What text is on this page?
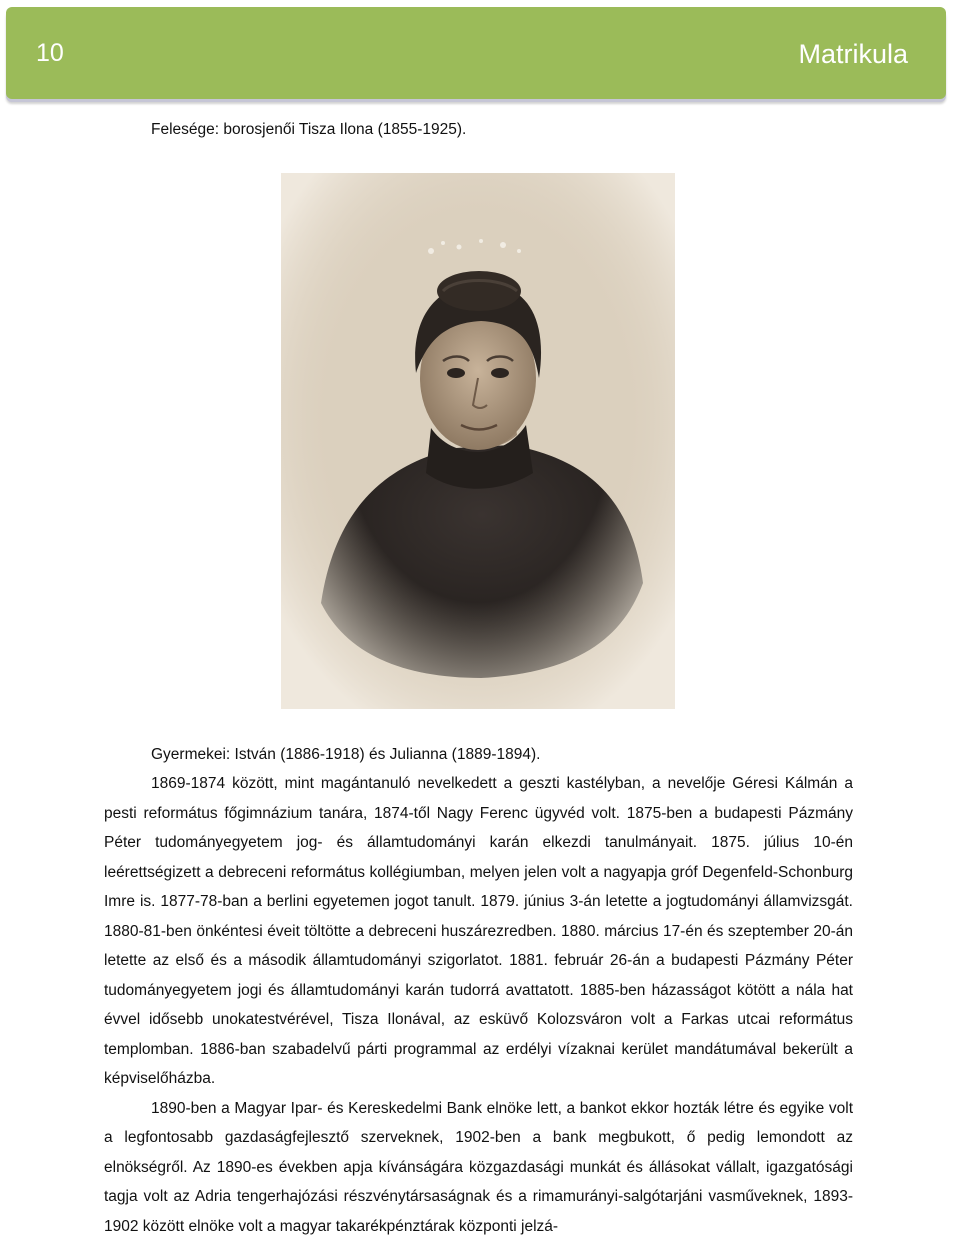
10	Matrikula
Felesége: borosjenői Tisza Ilona (1855-1925).
Gyermekei: István (1886-1918) és Julianna (1889-1894).

1869-1874 között, mint magántanuló nevelkedett a geszti kastélyban, a nevelője Géresi Kálmán a pesti református főgimnázium tanára, 1874-től Nagy Ferenc ügyvéd volt. 1875-ben a budapesti Pázmány Péter tudományegyetem jog- és államtudományi karán elkezdi tanulmányait. 1875. július 10-én leérettségizett a debreceni református kollégiumban, melyen jelen volt a nagyapja gróf Degenfeld-Schonburg Imre is. 1877-78-ban a berlini egyetemen jogot tanult. 1879. június 3-án letette a jogtudományi államvizsgát. 1880-81-ben önkéntesi éveit töltötte a debreceni huszárezredben. 1880. március 17-én és szeptember 20-án letette az első és a második államtudományi szigorlatot. 1881. február 26-án a budapesti Pázmány Péter tudományegyetem jogi és államtudományi karán tudorrá avattatott. 1885-ben házasságot kötött a nála hat évvel idősebb unokatestvérével, Tisza Ilonával, az esküvő Kolozsváron volt a Farkas utcai református templomban. 1886-ban szabadelvű párti programmal az erdélyi vízaknai kerület mandátumával bekerült a képviselőházba.

1890-ben a Magyar Ipar- és Kereskedelmi Bank elnöke lett, a bankot ekkor hozták létre és egyike volt a legfontosabb gazdaságfejlesztő szerveknek, 1902-ben a bank megbukott, ő pedig lemondott az elnökségről. Az 1890-es években apja kívánságára közgazdasági munkát és állásokat vállalt, igazgatósági tagja volt az Adria tengerhajózási részvénytársaságnak és a rimamurányi-salgótarjáni vasműveknek, 1893-1902 között elnöke volt a magyar takarékpénztárak központi jelzá-
